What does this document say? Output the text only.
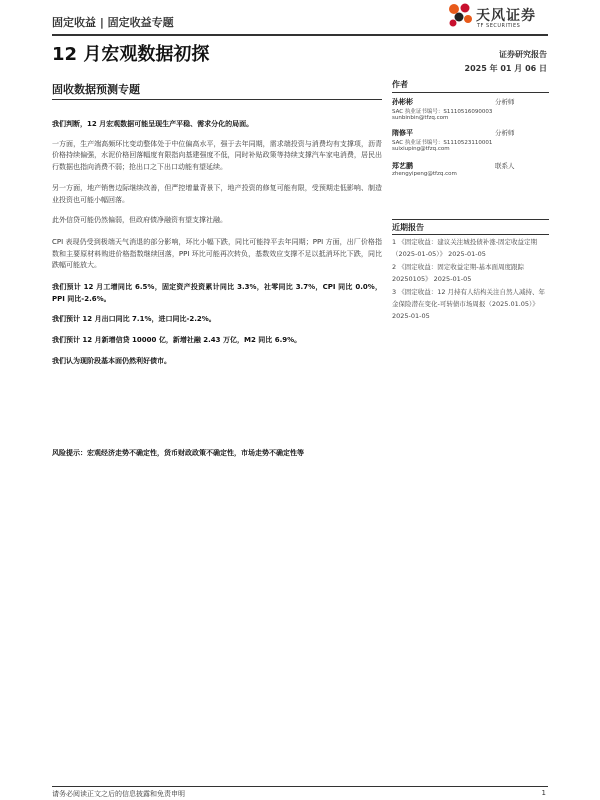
固定收益 | 固定收益专题	天风证券
TF SECURITIES
12 月宏观数据初探	证券研究报告
2025 年 01 月 06 日
固收数据预测专题

我们判断，12 月宏观数据可能呈现生产平稳、需求分化的局面。

一方面，生产端高频环比变动整体处于中位偏高水平，强于去年同期，需求端投资与消费均有支撑项，沥青价格持续偏强，水泥价格回落幅度有限指向基建强度不低，同时补贴政策等持续支撑汽车家电消费，居民出行数据也指向消费不弱；抢出口之下出口动能有望延续。

另一方面，地产销售边际继续改善，但严控增量背景下，地产投资的修复可能有限，受预期走低影响、制造业投资也可能小幅回落。

此外信贷可能仍然偏弱，但政府债净融资有望支撑社融。

CPI 表现仍受到极端天气消退的部分影响，环比小幅下跌，同比可能持平去年同期；PPI 方面，出厂价格指数和主要原材料购进价格指数继续回落，PPI 环比可能再次转负，基数效应支撑不足以抵消环比下跌，同比跌幅可能放大。

我们预计 12 月工增同比 6.5%，固定资产投资累计同比 3.3%，社零同比 3.7%，CPI 同比 0.0%，PPI 同比-2.6%。

我们预计 12 月出口同比 7.1%，进口同比-2.2%。

我们预计 12 月新增信贷 10000 亿，新增社融 2.43 万亿，M2 同比 6.9%。

我们认为现阶段基本面仍然利好债市。

风险提示：宏观经济走势不确定性，货币财政政策不确定性，市场走势不确定性等

作者
孙彬彬	分析师
SAC 执业证书编号：S1110516090003
sunbinbin@tfzq.com
隋修平	分析师
SAC 执业证书编号：S1110523110001
suixiuping@tfzq.com
郑艺鹏	联系人
zhengyipeng@tfzq.com
近期报告
1 《固定收益：建议关注城投债补涨-固定收益定期（2025-01-05）》 2025-01-05
2 《固定收益：固定收益定期-基本面周度跟踪 20250105》 2025-01-05
3 《固定收益：12 月持有人结构关注自然人减持、年金保险潜在变化-可转债市场周报（2025.01.05）》 2025-01-05
请务必阅读正文之后的信息披露和免责申明	1
